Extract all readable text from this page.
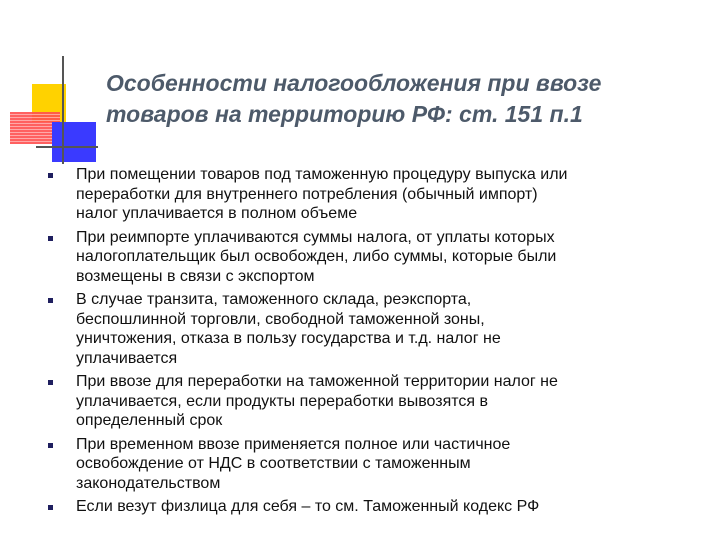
Особенности налогообложения при ввозе
товаров на территорию РФ: ст. 151 п.1
При помещении товаров под таможенную процедуру выпуска или
переработки для внутреннего потребления (обычный импорт)
налог уплачивается в полном объеме
При реимпорте уплачиваются суммы налога, от уплаты которых
налогоплательщик был освобожден, либо суммы, которые были
возмещены в связи с экспортом
В случае транзита, таможенного склада, реэкспорта,
беспошлинной торговли, свободной таможенной зоны,
уничтожения, отказа в пользу государства и т.д. налог не
уплачивается
При ввозе для переработки на таможенной территории налог не
уплачивается, если продукты переработки вывозятся в
определенный срок
При временном ввозе применяется полное или частичное
освобождение от НДС в соответствии с таможенным
законодательством
Если везут физлица для себя – то см. Таможенный кодекс РФ
